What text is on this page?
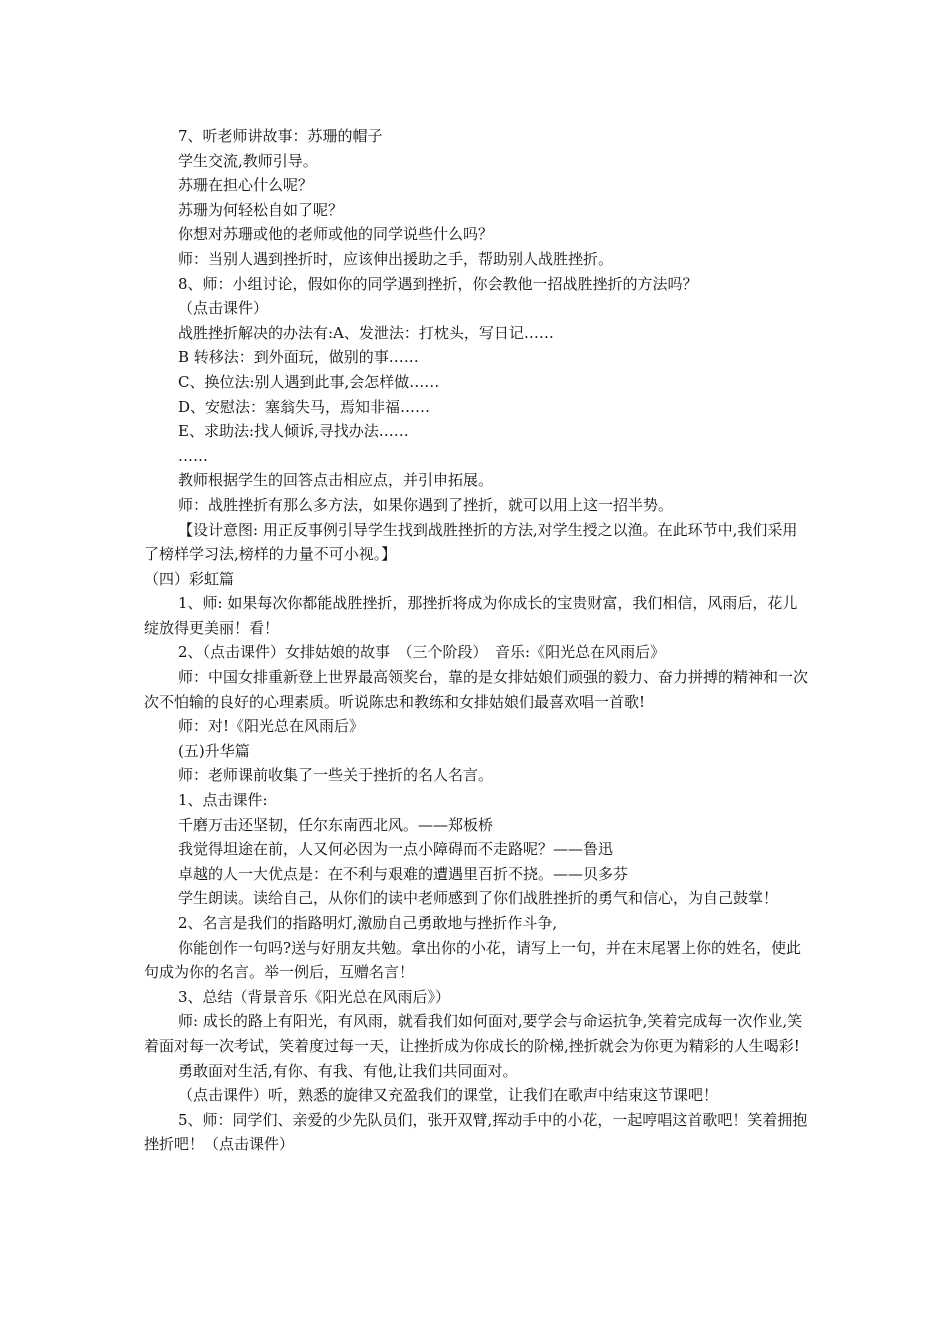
7、听老师讲故事：苏珊的帽子

学生交流,教师引导。

苏珊在担心什么呢？

苏珊为何轻松自如了呢？

你想对苏珊或他的老师或他的同学说些什么吗？

师：当别人遇到挫折时，应该伸出援助之手，帮助别人战胜挫折。

8、师：小组讨论，假如你的同学遇到挫折，你会教他一招战胜挫折的方法吗？

（点击课件）

战胜挫折解决的办法有:A、发泄法：打枕头，写日记……

B 转移法：到外面玩，做别的事……

C、换位法:别人遇到此事,会怎样做……

D、安慰法：塞翁失马，焉知非福……

E、求助法:找人倾诉,寻找办法……

……

教师根据学生的回答点击相应点，并引申拓展。

师：战胜挫折有那么多方法，如果你遇到了挫折，就可以用上这一招半势。

【设计意图: 用正反事例引导学生找到战胜挫折的方法,对学生授之以渔。在此环节中,我们采用了榜样学习法,榜样的力量不可小视。】

（四）彩虹篇

1、师: 如果每次你都能战胜挫折，那挫折将成为你成长的宝贵财富，我们相信，风雨后，花儿绽放得更美丽！看！

2、（点击课件）女排姑娘的故事　（三个阶段）　音乐:《阳光总在风雨后》

师：中国女排重新登上世界最高领奖台，靠的是女排姑娘们顽强的毅力、奋力拼搏的精神和一次次不怕输的良好的心理素质。听说陈忠和教练和女排姑娘们最喜欢唱一首歌!

师：对!《阳光总在风雨后》

(五)升华篇

师：老师课前收集了一些关于挫折的名人名言。

1、点击课件:

千磨万击还坚韧，任尔东南西北风。——郑板桥

我觉得坦途在前，人又何必因为一点小障碍而不走路呢？——鲁迅

卓越的人一大优点是：在不利与艰难的遭遇里百折不挠。——贝多芬

学生朗读。读给自己，从你们的读中老师感到了你们战胜挫折的勇气和信心，为自己鼓掌！

2、名言是我们的指路明灯,激励自己勇敢地与挫折作斗争,

你能创作一句吗?送与好朋友共勉。拿出你的小花，请写上一句，并在末尾署上你的姓名，使此句成为你的名言。举一例后，互赠名言！

3、总结（背景音乐《阳光总在风雨后》）

师: 成长的路上有阳光，有风雨，就看我们如何面对,要学会与命运抗争,笑着完成每一次作业,笑着面对每一次考试，笑着度过每一天，让挫折成为你成长的阶梯,挫折就会为你更为精彩的人生喝彩!

勇敢面对生活,有你、有我、有他,让我们共同面对。

（点击课件）听，熟悉的旋律又充盈我们的课堂，让我们在歌声中结束这节课吧！

5、师：同学们、亲爱的少先队员们，张开双臂,挥动手中的小花，一起哼唱这首歌吧！笑着拥抱挫折吧！（点击课件）
